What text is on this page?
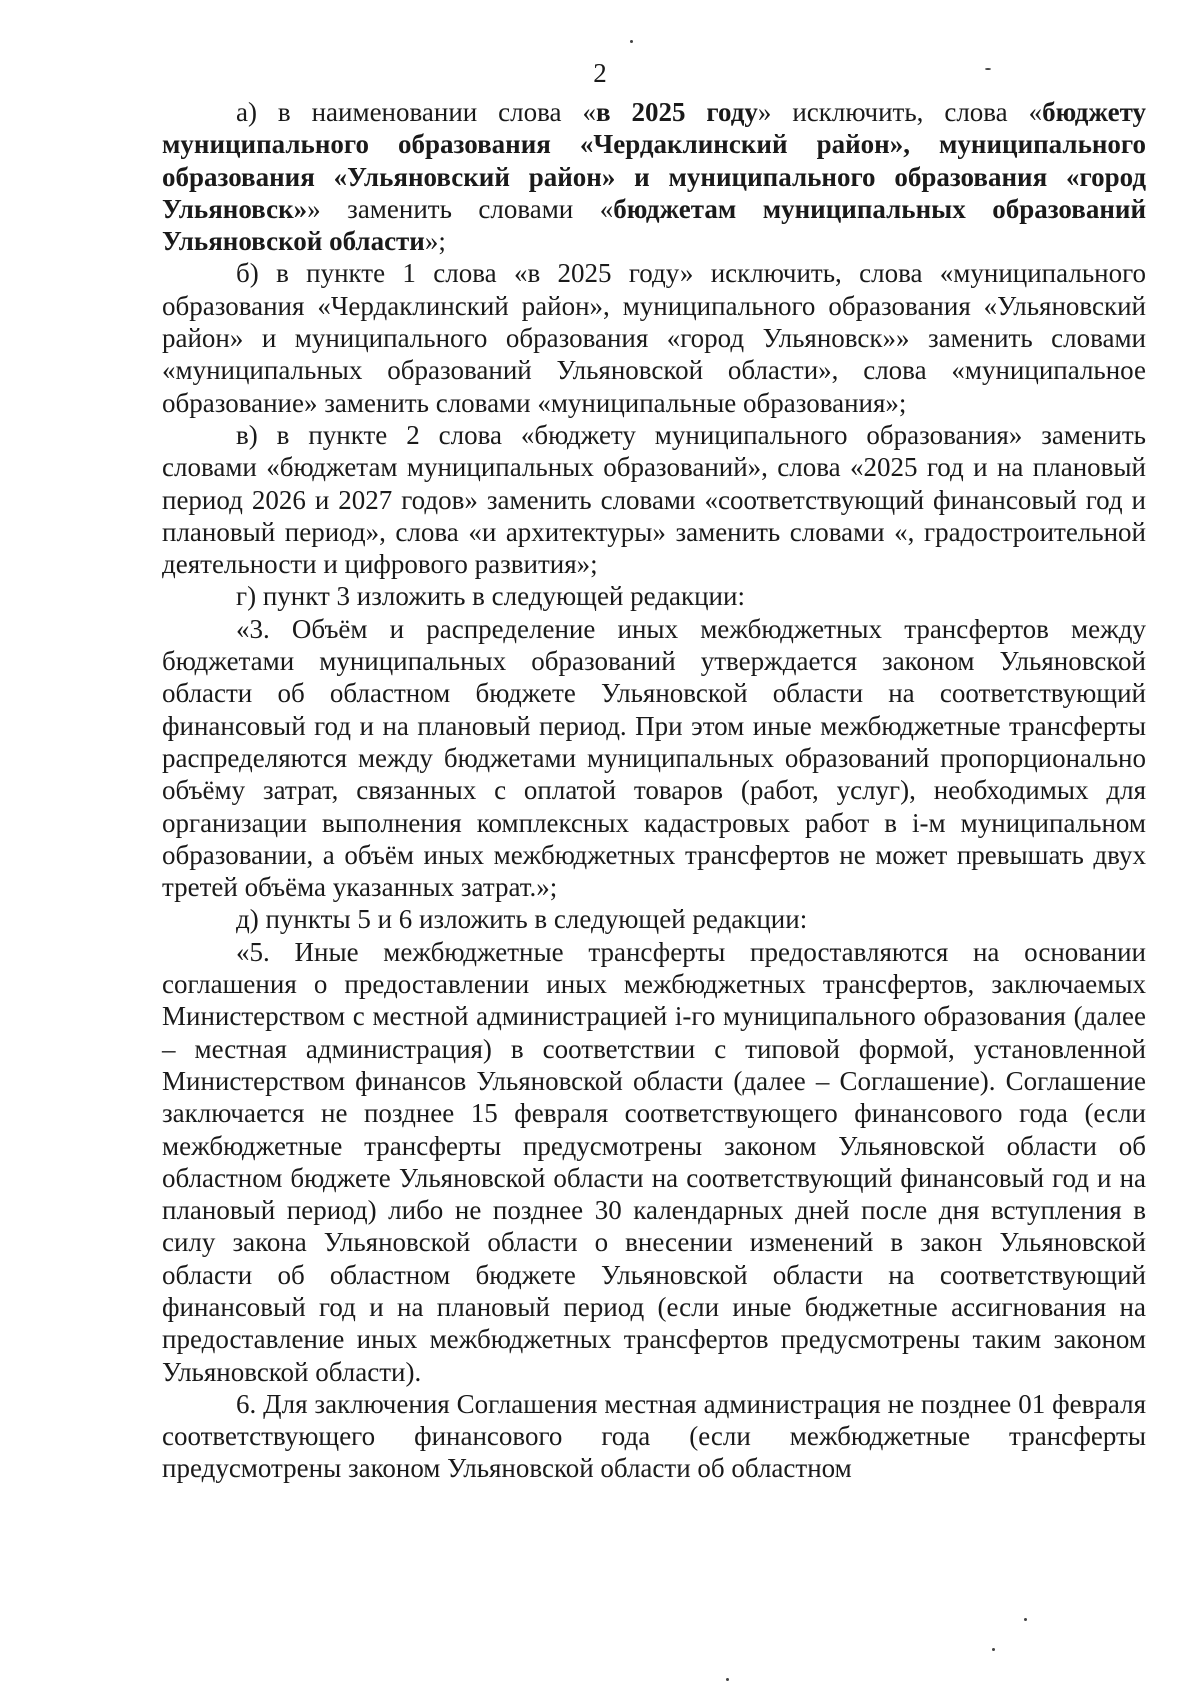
2

а) в наименовании слова «в 2025 году» исключить, слова «бюджету муниципального образования «Чердаклинский район», муниципального образования «Ульяновский район» и муниципального образования «город Ульяновск»» заменить словами «бюджетам муниципальных образований Ульяновской области»;

б) в пункте 1 слова «в 2025 году» исключить, слова «муниципального образования «Чердаклинский район», муниципального образования «Ульяновский район» и муниципального образования «город Ульяновск»» заменить словами «муниципальных образований Ульяновской области», слова «муниципальное образование» заменить словами «муниципальные образования»;

в) в пункте 2 слова «бюджету муниципального образования» заменить словами «бюджетам муниципальных образований», слова «2025 год и на плановый период 2026 и 2027 годов» заменить словами «соответствующий финансовый год и плановый период», слова «и архитектуры» заменить словами «, градостроительной деятельности и цифрового развития»;

г) пункт 3 изложить в следующей редакции:

«3. Объём и распределение иных межбюджетных трансфертов между бюджетами муниципальных образований утверждается законом Ульяновской области об областном бюджете Ульяновской области на соответствующий финансовый год и на плановый период. При этом иные межбюджетные трансферты распределяются между бюджетами муниципальных образований пропорционально объёму затрат, связанных с оплатой товаров (работ, услуг), необходимых для организации выполнения комплексных кадастровых работ в i-м муниципальном образовании, а объём иных межбюджетных трансфертов не может превышать двух третей объёма указанных затрат.»;

д) пункты 5 и 6 изложить в следующей редакции:

«5. Иные межбюджетные трансферты предоставляются на основании соглашения о предоставлении иных межбюджетных трансфертов, заключаемых Министерством с местной администрацией i-го муниципального образования (далее – местная администрация) в соответствии с типовой формой, установленной Министерством финансов Ульяновской области (далее – Соглашение). Соглашение заключается не позднее 15 февраля соответствующего финансового года (если межбюджетные трансферты предусмотрены законом Ульяновской области об областном бюджете Ульяновской области на соответствующий финансовый год и на плановый период) либо не позднее 30 календарных дней после дня вступления в силу закона Ульяновской области о внесении изменений в закон Ульяновской области об областном бюджете Ульяновской области на соответствующий финансовый год и на плановый период (если иные бюджетные ассигнования на предоставление иных межбюджетных трансфертов предусмотрены таким законом Ульяновской области).

6. Для заключения Соглашения местная администрация не позднее 01 февраля соответствующего финансового года (если межбюджетные трансферты предусмотрены законом Ульяновской области об областном
